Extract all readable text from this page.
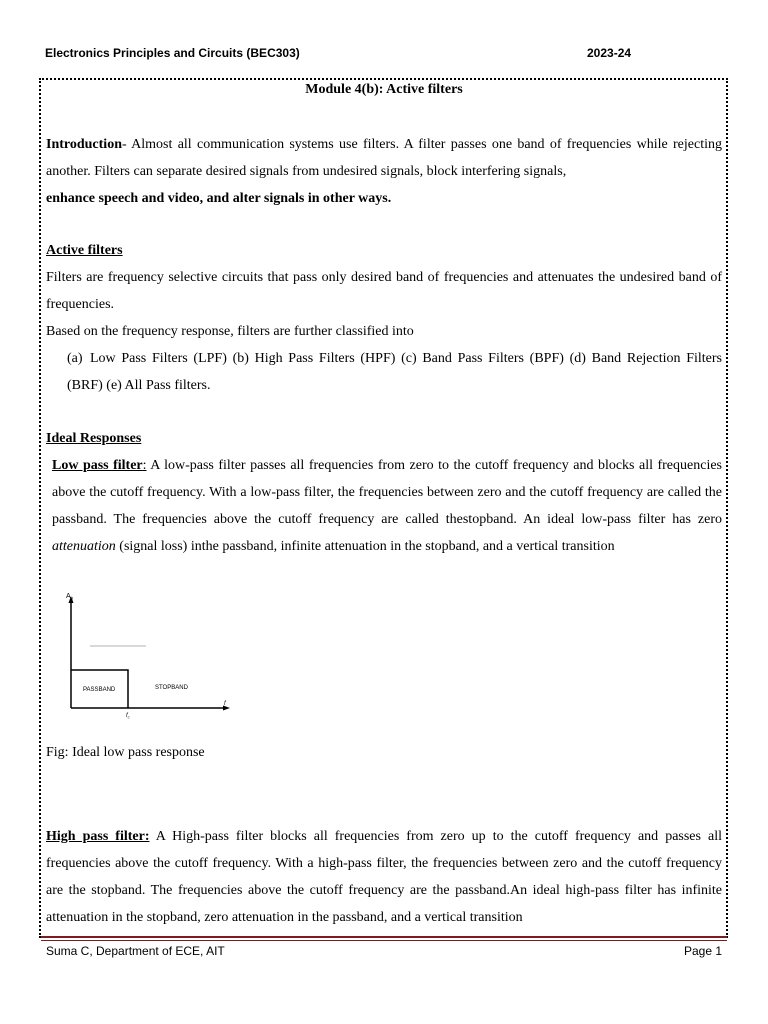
Electronics Principles and Circuits (BEC303)	2023-24
Module 4(b): Active filters
Introduction- Almost all communication systems use filters. A filter passes one band of frequencies while rejecting another. Filters can separate desired signals from undesired signals, block interfering signals,
enhance speech and video, and alter signals in other ways.
Active filters
Filters are frequency selective circuits that pass only desired band of frequencies and attenuates the undesired band of frequencies.
Based on the frequency response, filters are further classified into
(a) Low Pass Filters (LPF) (b) High Pass Filters (HPF) (c) Band Pass Filters (BPF) (d) Band Rejection Filters (BRF) (e) All Pass filters.
Ideal Responses
Low pass filter: A low-pass filter passes all frequencies from zero to the cutoff frequency and blocks all frequencies above the cutoff frequency. With a low-pass filter, the frequencies between zero and the cutoff frequency are called the passband. The frequencies above the cutoff frequency are called thestopband. An ideal low-pass filter has zero attenuation (signal loss) inthe passband, infinite attenuation in the stopband, and a vertical transition
$A_v$
f
$f_c$
PASSBAND	STOPBAND
Fig: Ideal low pass response
High pass filter: A High-pass filter blocks all frequencies from zero up to the cutoff frequency and passes all frequencies above the cutoff frequency. With a high-pass filter, the frequencies between zero and the cutoff frequency are the stopband. The frequencies above the cutoff frequency are the passband.An ideal high-pass filter has infinite attenuation in the stopband, zero attenuation in the passband, and a vertical transition
Suma C, Department of ECE, AIT	Page 1
